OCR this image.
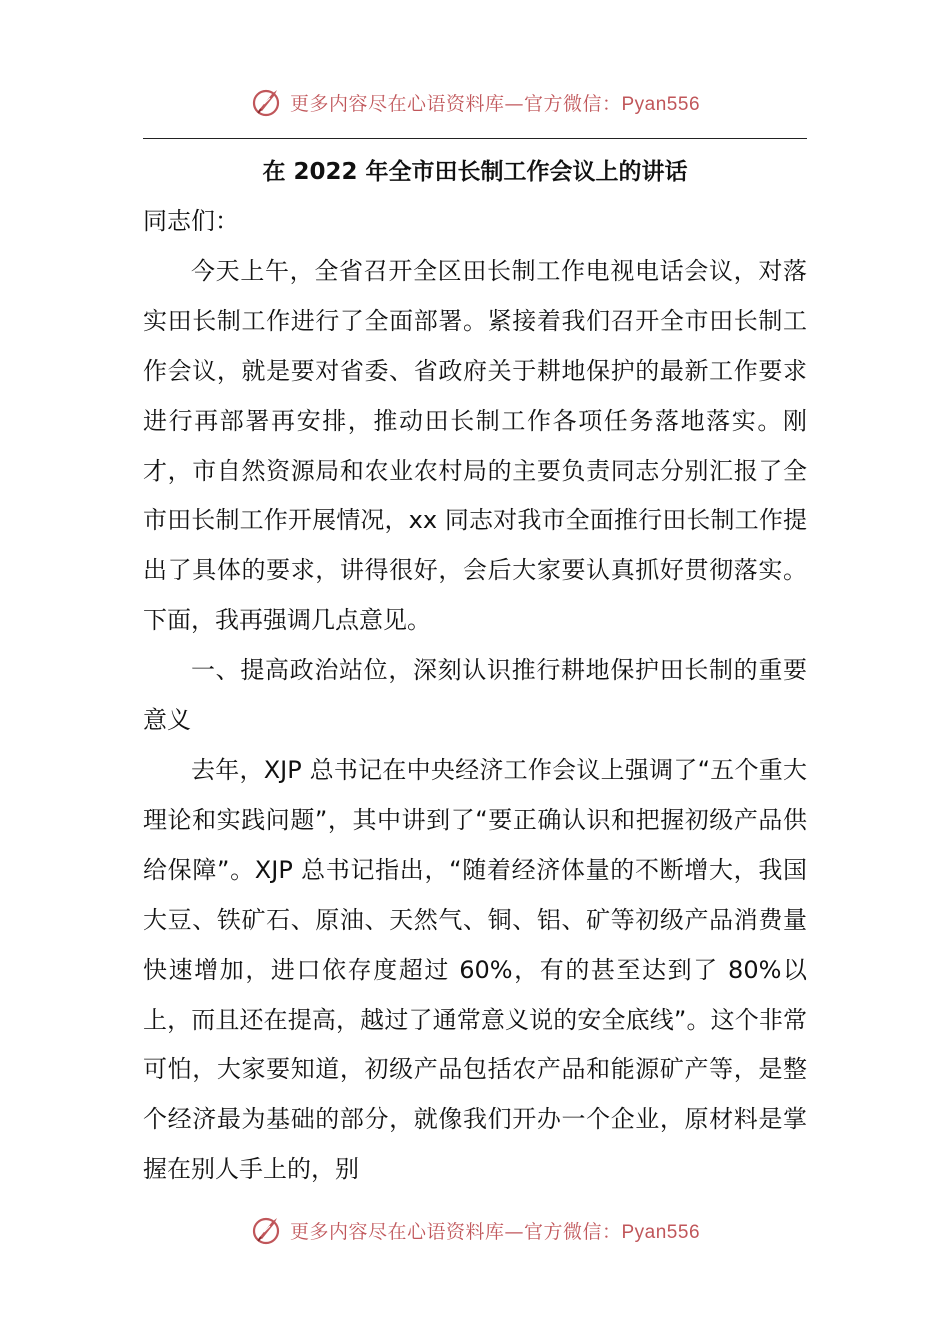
更多内容尽在心语资料库—官方微信：Pyan556
在 2022 年全市田长制工作会议上的讲话

同志们：

今天上午，全省召开全区田长制工作电视电话会议，对落实田长制工作进行了全面部署。紧接着我们召开全市田长制工作会议，就是要对省委、省政府关于耕地保护的最新工作要求进行再部署再安排，推动田长制工作各项任务落地落实。刚才，市自然资源局和农业农村局的主要负责同志分别汇报了全市田长制工作开展情况，xx 同志对我市全面推行田长制工作提出了具体的要求，讲得很好，会后大家要认真抓好贯彻落实。下面，我再强调几点意见。

一、提高政治站位，深刻认识推行耕地保护田长制的重要意义

去年，XJP 总书记在中央经济工作会议上强调了“五个重大理论和实践问题”，其中讲到了“要正确认识和把握初级产品供给保障”。XJP 总书记指出，“随着经济体量的不断增大，我国大豆、铁矿石、原油、天然气、铜、铝、矿等初级产品消费量快速增加，进口依存度超过 60%，有的甚至达到了 80%以上，而且还在提高，越过了通常意义说的安全底线”。这个非常可怕，大家要知道，初级产品包括农产品和能源矿产等，是整个经济最为基础的部分，就像我们开办一个企业，原材料是掌握在别人手上的，别

更多内容尽在心语资料库—官方微信：Pyan556
